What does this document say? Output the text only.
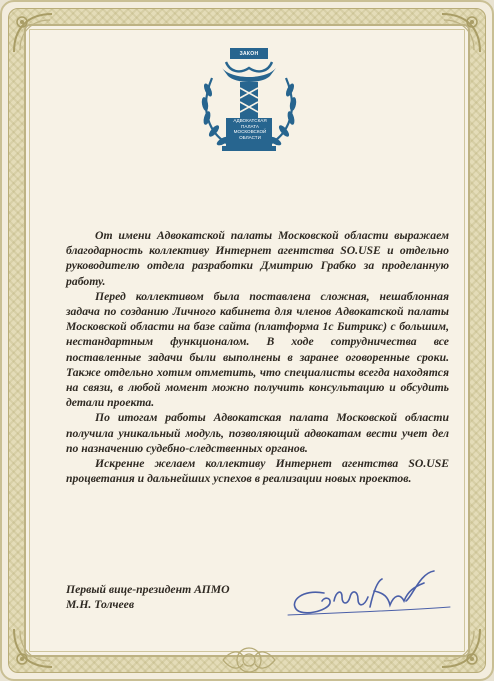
ЗАКОН
АДВОКАТСКАЯ
ПАЛАТА
МОСКОВСКОЙ
ОБЛАСТИ

От имени Адвокатской палаты Московской области выражаем благодарность коллективу Интернет агентства SO.USE и отдельно руководителю отдела разработки Дмитрию Грабко за проделанную работу.

Перед коллективом была поставлена сложная, нешаблонная задача по созданию Личного кабинета для членов Адвокатской палаты Московской области на базе сайта (платформа 1с Битрикс) с большим, нестандартным функционалом. В ходе сотрудничества все поставленные задачи были выполнены в заранее оговоренные сроки. Также отдельно хотим отметить, что специалисты всегда находятся на связи, в любой момент можно получить консультацию и обсудить детали проекта.

По итогам работы Адвокатская палата Московской области получила уникальный модуль, позволяющий адвокатам вести учет дел по назначению судебно-следственных органов.

Искренне желаем коллективу Интернет агентства SO.USE процветания и дальнейших успехов в реализации новых проектов.

Первый вице-президент АПМО
М.Н. Толчеев
